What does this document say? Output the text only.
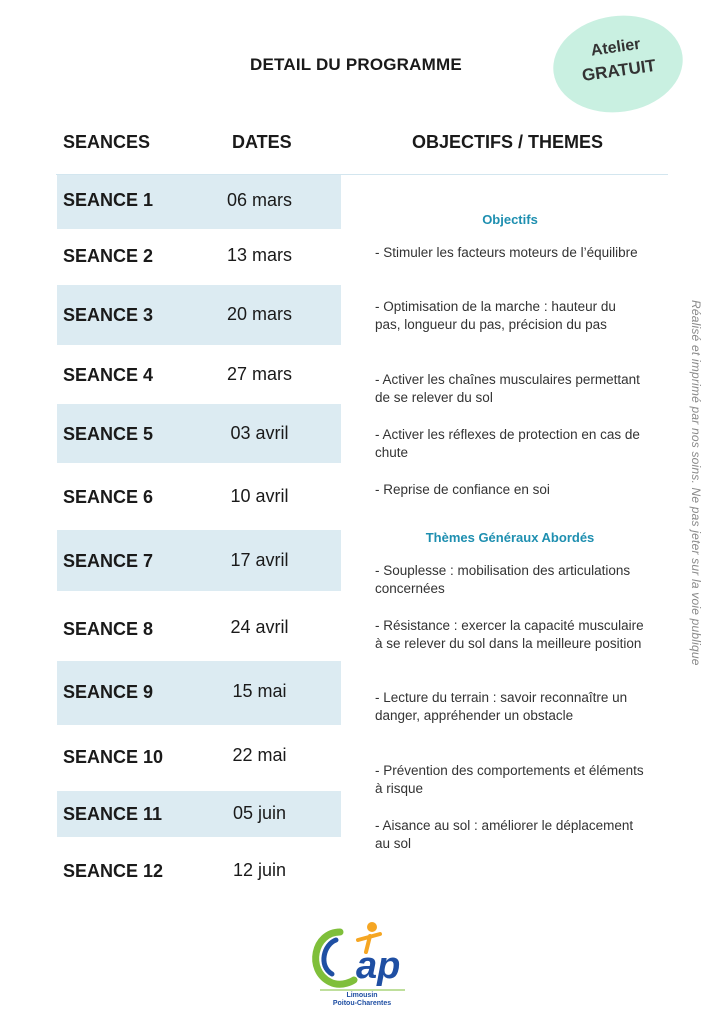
DETAIL DU PROGRAMME
Atelier
GRATUIT
SEANCES	DATES	OBJECTIFS / THEMES
SEANCE 1	06 mars
SEANCE 2	13 mars
SEANCE 3	20 mars
SEANCE 4	27 mars
SEANCE 5	03 avril
SEANCE 6	10 avril
SEANCE 7	17 avril
SEANCE 8	24 avril
SEANCE 9	15 mai
SEANCE 10	22 mai
SEANCE 11	05 juin
SEANCE 12	12 juin
Objectifs
- Stimuler les facteurs moteurs de l’équilibre
- Optimisation de la marche : hauteur du pas, longueur du pas, précision du pas
- Activer les chaînes musculaires permettant de se relever du sol
- Activer les réflexes de protection en cas de chute
- Reprise de confiance en soi
Thèmes Généraux Abordés
- Souplesse : mobilisation des articulations concernées
- Résistance : exercer la capacité musculaire à se relever du sol dans la meilleure position
- Lecture du terrain : savoir reconnaître un danger, appréhender un obstacle
- Prévention des comportements et éléments à risque
- Aisance au sol : améliorer le déplacement au sol
Réalisé et imprimé par nos soins. Ne pas jeter sur la voie publique
ap
Limousin
Poitou-Charentes
